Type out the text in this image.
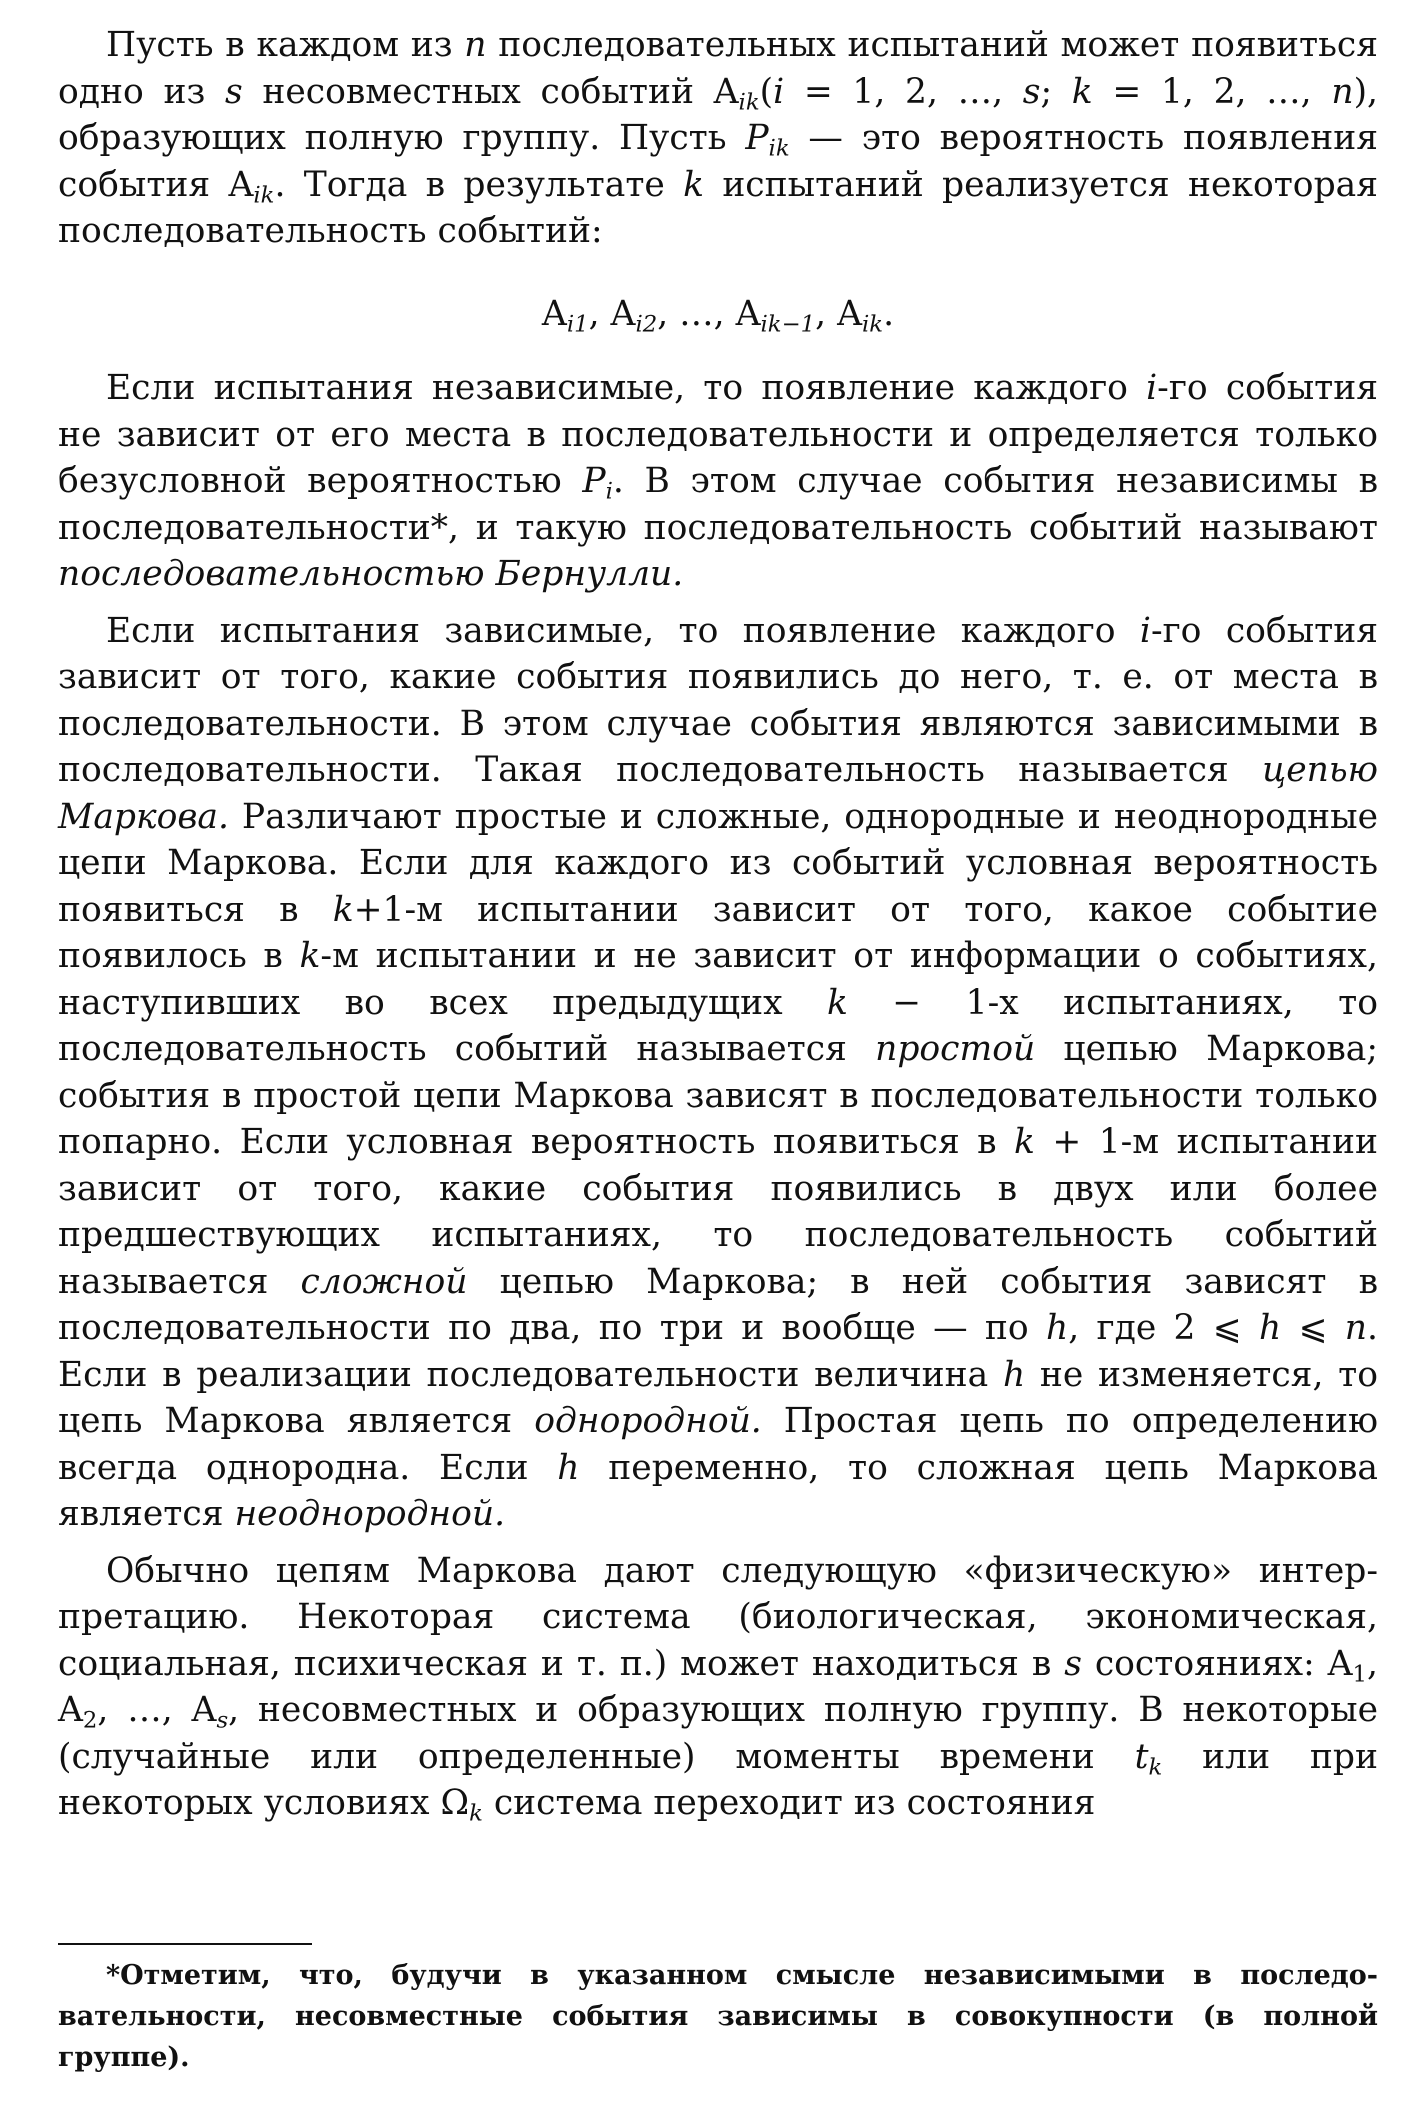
Пусть в каждом из n последовательных испытаний может появиться одно из s несовместных событий $A_{ik}(i = 1$, 2, …, s; k = 1, 2, …, n), образующих полную группу. Пусть $P_{ik}$ — это вероятность появления события $A_{ik}$. Тогда в результате k испытаний реализуется некоторая последовательность событий:

$A_{i1}$, $A_{i2}$, …, $A_{ik-1}$, $A_{ik}$.

Если испытания независимые, то появление каждого i-го события не зависит от его места в последовательности и определяется только безусловной вероятностью $P_i$. В этом случае события независимы в последовательности*, и такую последовательность событий называют последовательностью Бернулли.

Если испытания зависимые, то появление каждого i-го события зависит от того, какие события появились до него, т. е. от места в последовательности. В этом случае события являются зависимыми в последовательности. Такая последовательность называется цепью Маркова. Различают простые и сложные, однородные и неоднородные цепи Маркова. Если для каждого из событий условная вероятность появиться в k+1-м испытании зависит от того, какое событие появилось в k-м испытании и не зависит от информации о событиях, наступивших во всех предыдущих k − 1-х испытаниях, то последовательность событий называется простой цепью Маркова; события в простой цепи Маркова зависят в последовательности только попарно. Если условная вероятность появиться в k + 1-м испытании зависит от того, какие события появились в двух или более предшествующих испытаниях, то последовательность событий называется сложной цепью Маркова; в ней события зависят в последовательности по два, по три и вообще — по h, где 2 ⩽ h ⩽ n. Если в реализации последовательности величина h не изменяется, то цепь Маркова является однородной. Простая цепь по определению всегда однородна. Если h переменно, то сложная цепь Маркова является неоднородной.

Обычно цепям Маркова дают следующую «физическую» интерпретацию. Некоторая система (биологическая, экономическая, социальная, психическая и т. п.) может находиться в s состояниях: $A_1$, $A_2$, …, $A_s$, несовместных и образующих полную группу. В некоторые (случайные или определенные) моменты времени $t_k$ или при некоторых условиях $\Omega_k$ система переходит из состояния

*Отметим, что, будучи в указанном смысле независимыми в последовательности, несовместные события зависимы в совокупности (в полной группе).
